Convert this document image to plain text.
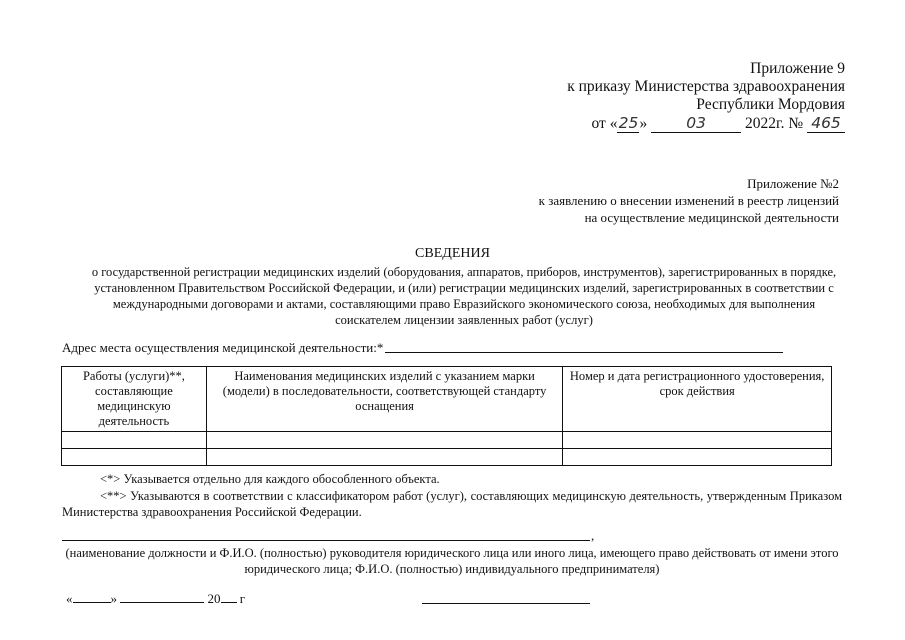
Приложение 9
к приказу Министерства здравоохранения
Республики Мордовия
от «25»	03	2022г. № 465
Приложение №2
к заявлению о внесении изменений в реестр лицензий
на осуществление медицинской деятельности
СВЕДЕНИЯ
о государственной регистрации медицинских изделий (оборудования, аппаратов, приборов, инструментов), зарегистрированных в порядке, установленном Правительством Российской Федерации, и (или) регистрации медицинских изделий, зарегистрированных в соответствии с международными договорами и актами, составляющими право Евразийского экономического союза, необходимых для выполнения соискателем лицензии заявленных работ (услуг)
Адрес места осуществления медицинской деятельности:*
Работы (услуги)**, составляющие медицинскую деятельность	Наименования медицинских изделий с указанием марки (модели) в последовательности, соответствующей стандарту оснащения	Номер и дата регистрационного удостоверения, срок действия

<*> Указывается отдельно для каждого обособленного объекта.
<**> Указываются в соответствии с классификатором работ (услуг), составляющих медицинскую деятельность, утвержденным Приказом Министерства здравоохранения Российской Федерации.
,
(наименование должности и Ф.И.О. (полностью) руководителя юридического лица или иного лица, имеющего право действовать от имени этого юридического лица; Ф.И.О. (полностью) индивидуального предпринимателя)
«	»	20 г
